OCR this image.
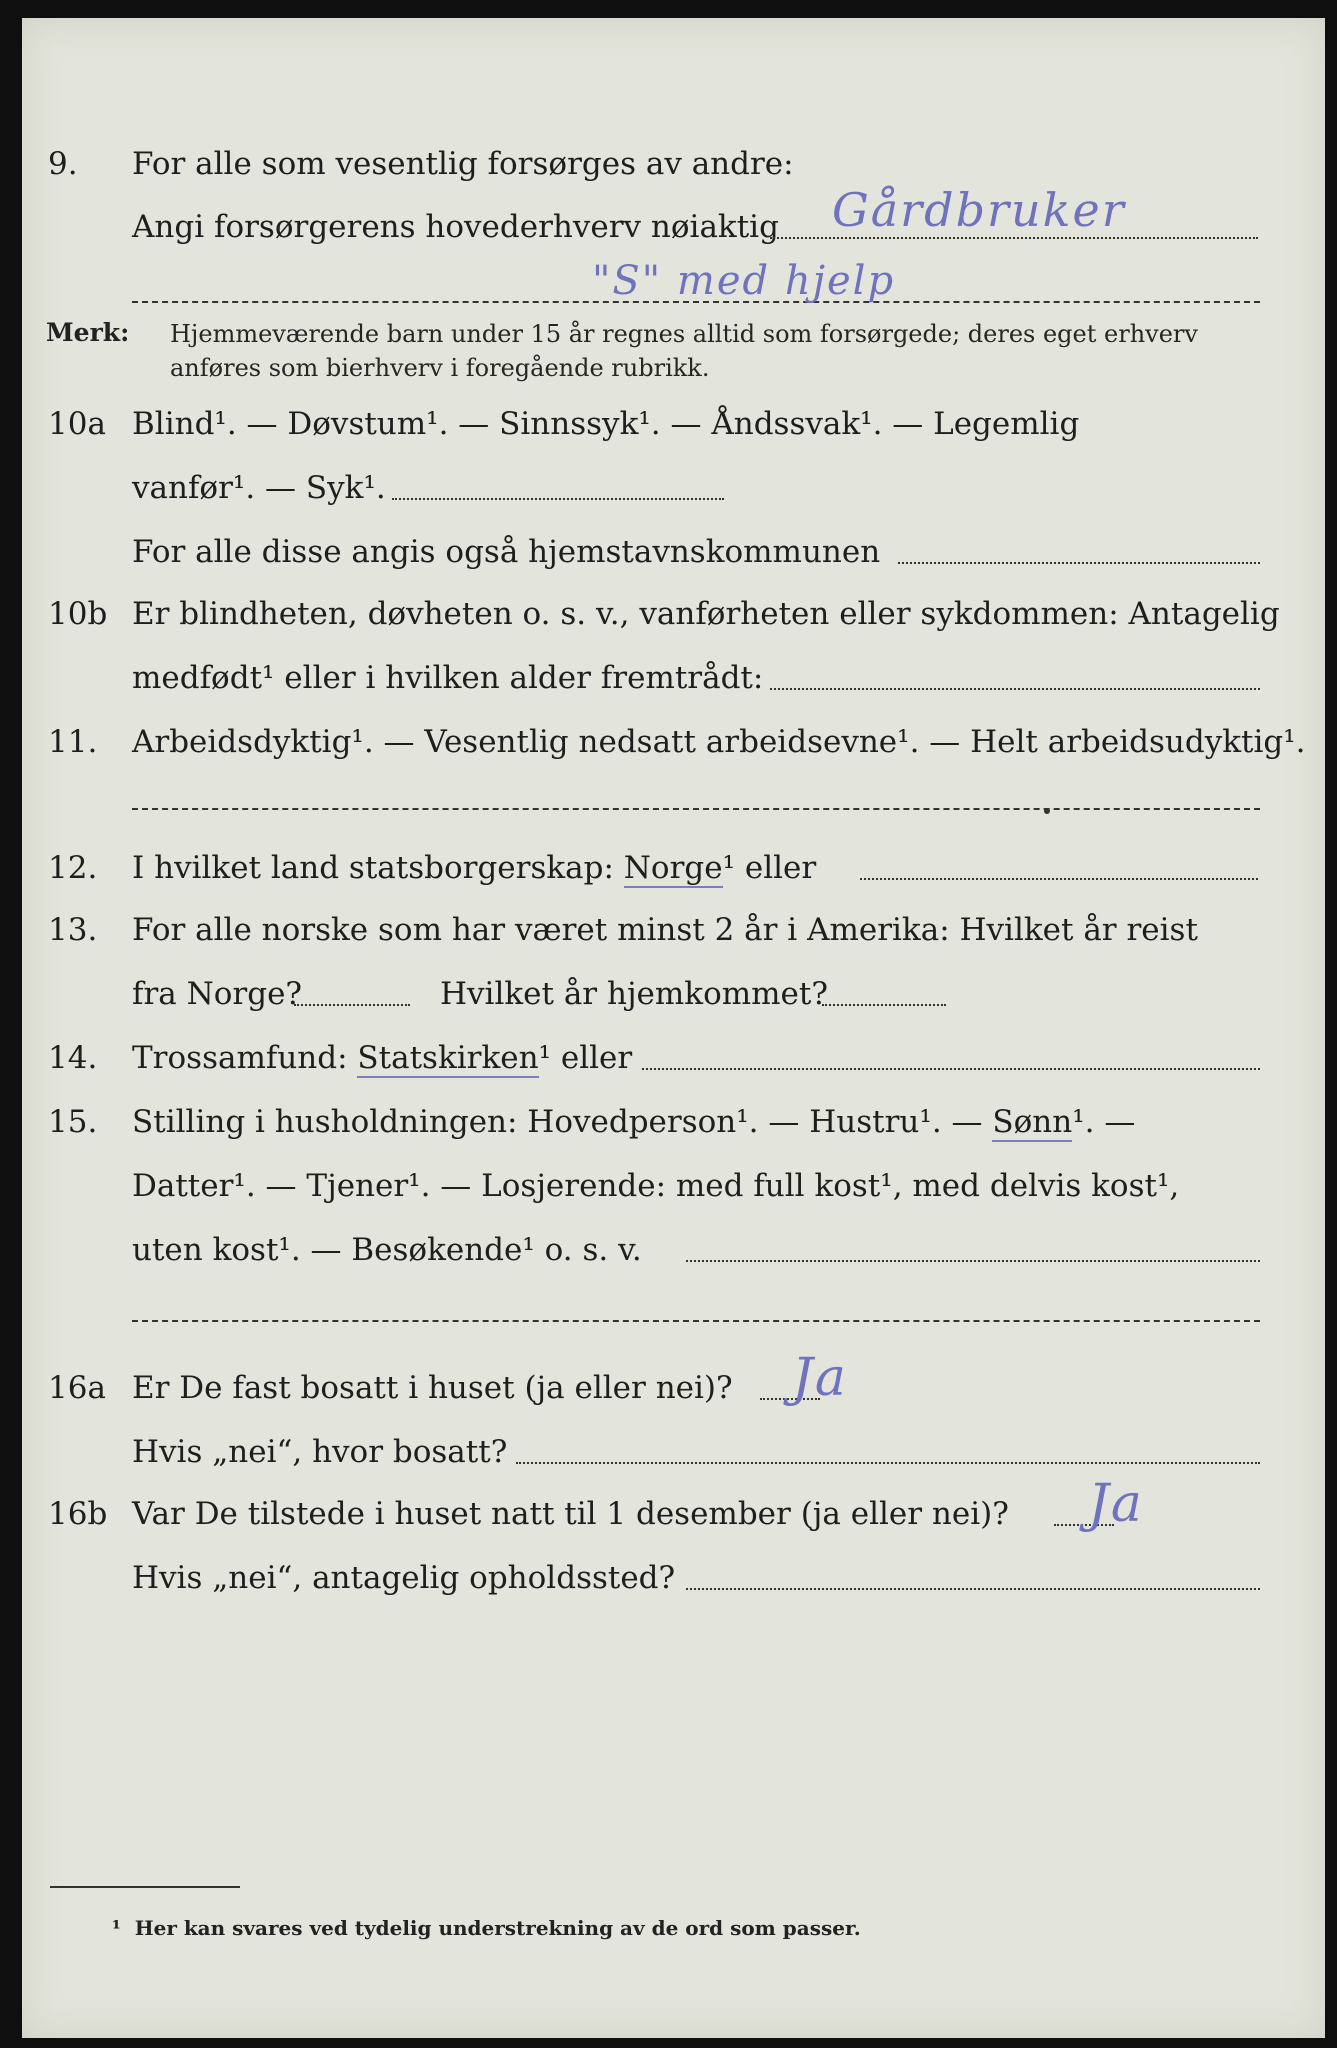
9.	For alle som vesentlig forsørges av andre:
Angi forsørgerens hovederhverv nøiaktig Gårdbruker
"S" med hjelp
Merk: Hjemmeværende barn under 15 år regnes alltid som forsørgede; deres eget erhverv
anføres som bierhverv i foregående rubrikk.
10a Blind¹. — Døvstum¹. — Sinnssyk¹. — Åndssvak¹. — Legemlig
vanfør¹. — Syk¹.
For alle disse angis også hjemstavnskommunen
10b Er blindheten, døvheten o. s. v., vanførheten eller sykdommen: Antagelig
medfødt¹ eller i hvilken alder fremtrådt:
11.	Arbeidsdyktig¹. — Vesentlig nedsatt arbeidsevne¹. — Helt arbeidsudyktig¹.
12.	I hvilket land statsborgerskap: Norge¹ eller
13.	For alle norske som har været minst 2 år i Amerika: Hvilket år reist
fra Norge?	Hvilket år hjemkommet?
14.	Trossamfund: Statskirken¹ eller
15.	Stilling i husholdningen: Hovedperson¹. — Hustru¹. — Sønn¹. —
Datter¹. — Tjener¹. — Losjerende: med full kost¹, med delvis kost¹,
uten kost¹. — Besøkende¹ o. s. v.
16a Er De fast bosatt i huset (ja eller nei)? Ja
Hvis „nei“, hvor bosatt?
16b Var De tilstede i huset natt til 1 desember (ja eller nei)? Ja
Hvis „nei“, antagelig opholdssted?
¹ Her kan svares ved tydelig understrekning av de ord som passer.
